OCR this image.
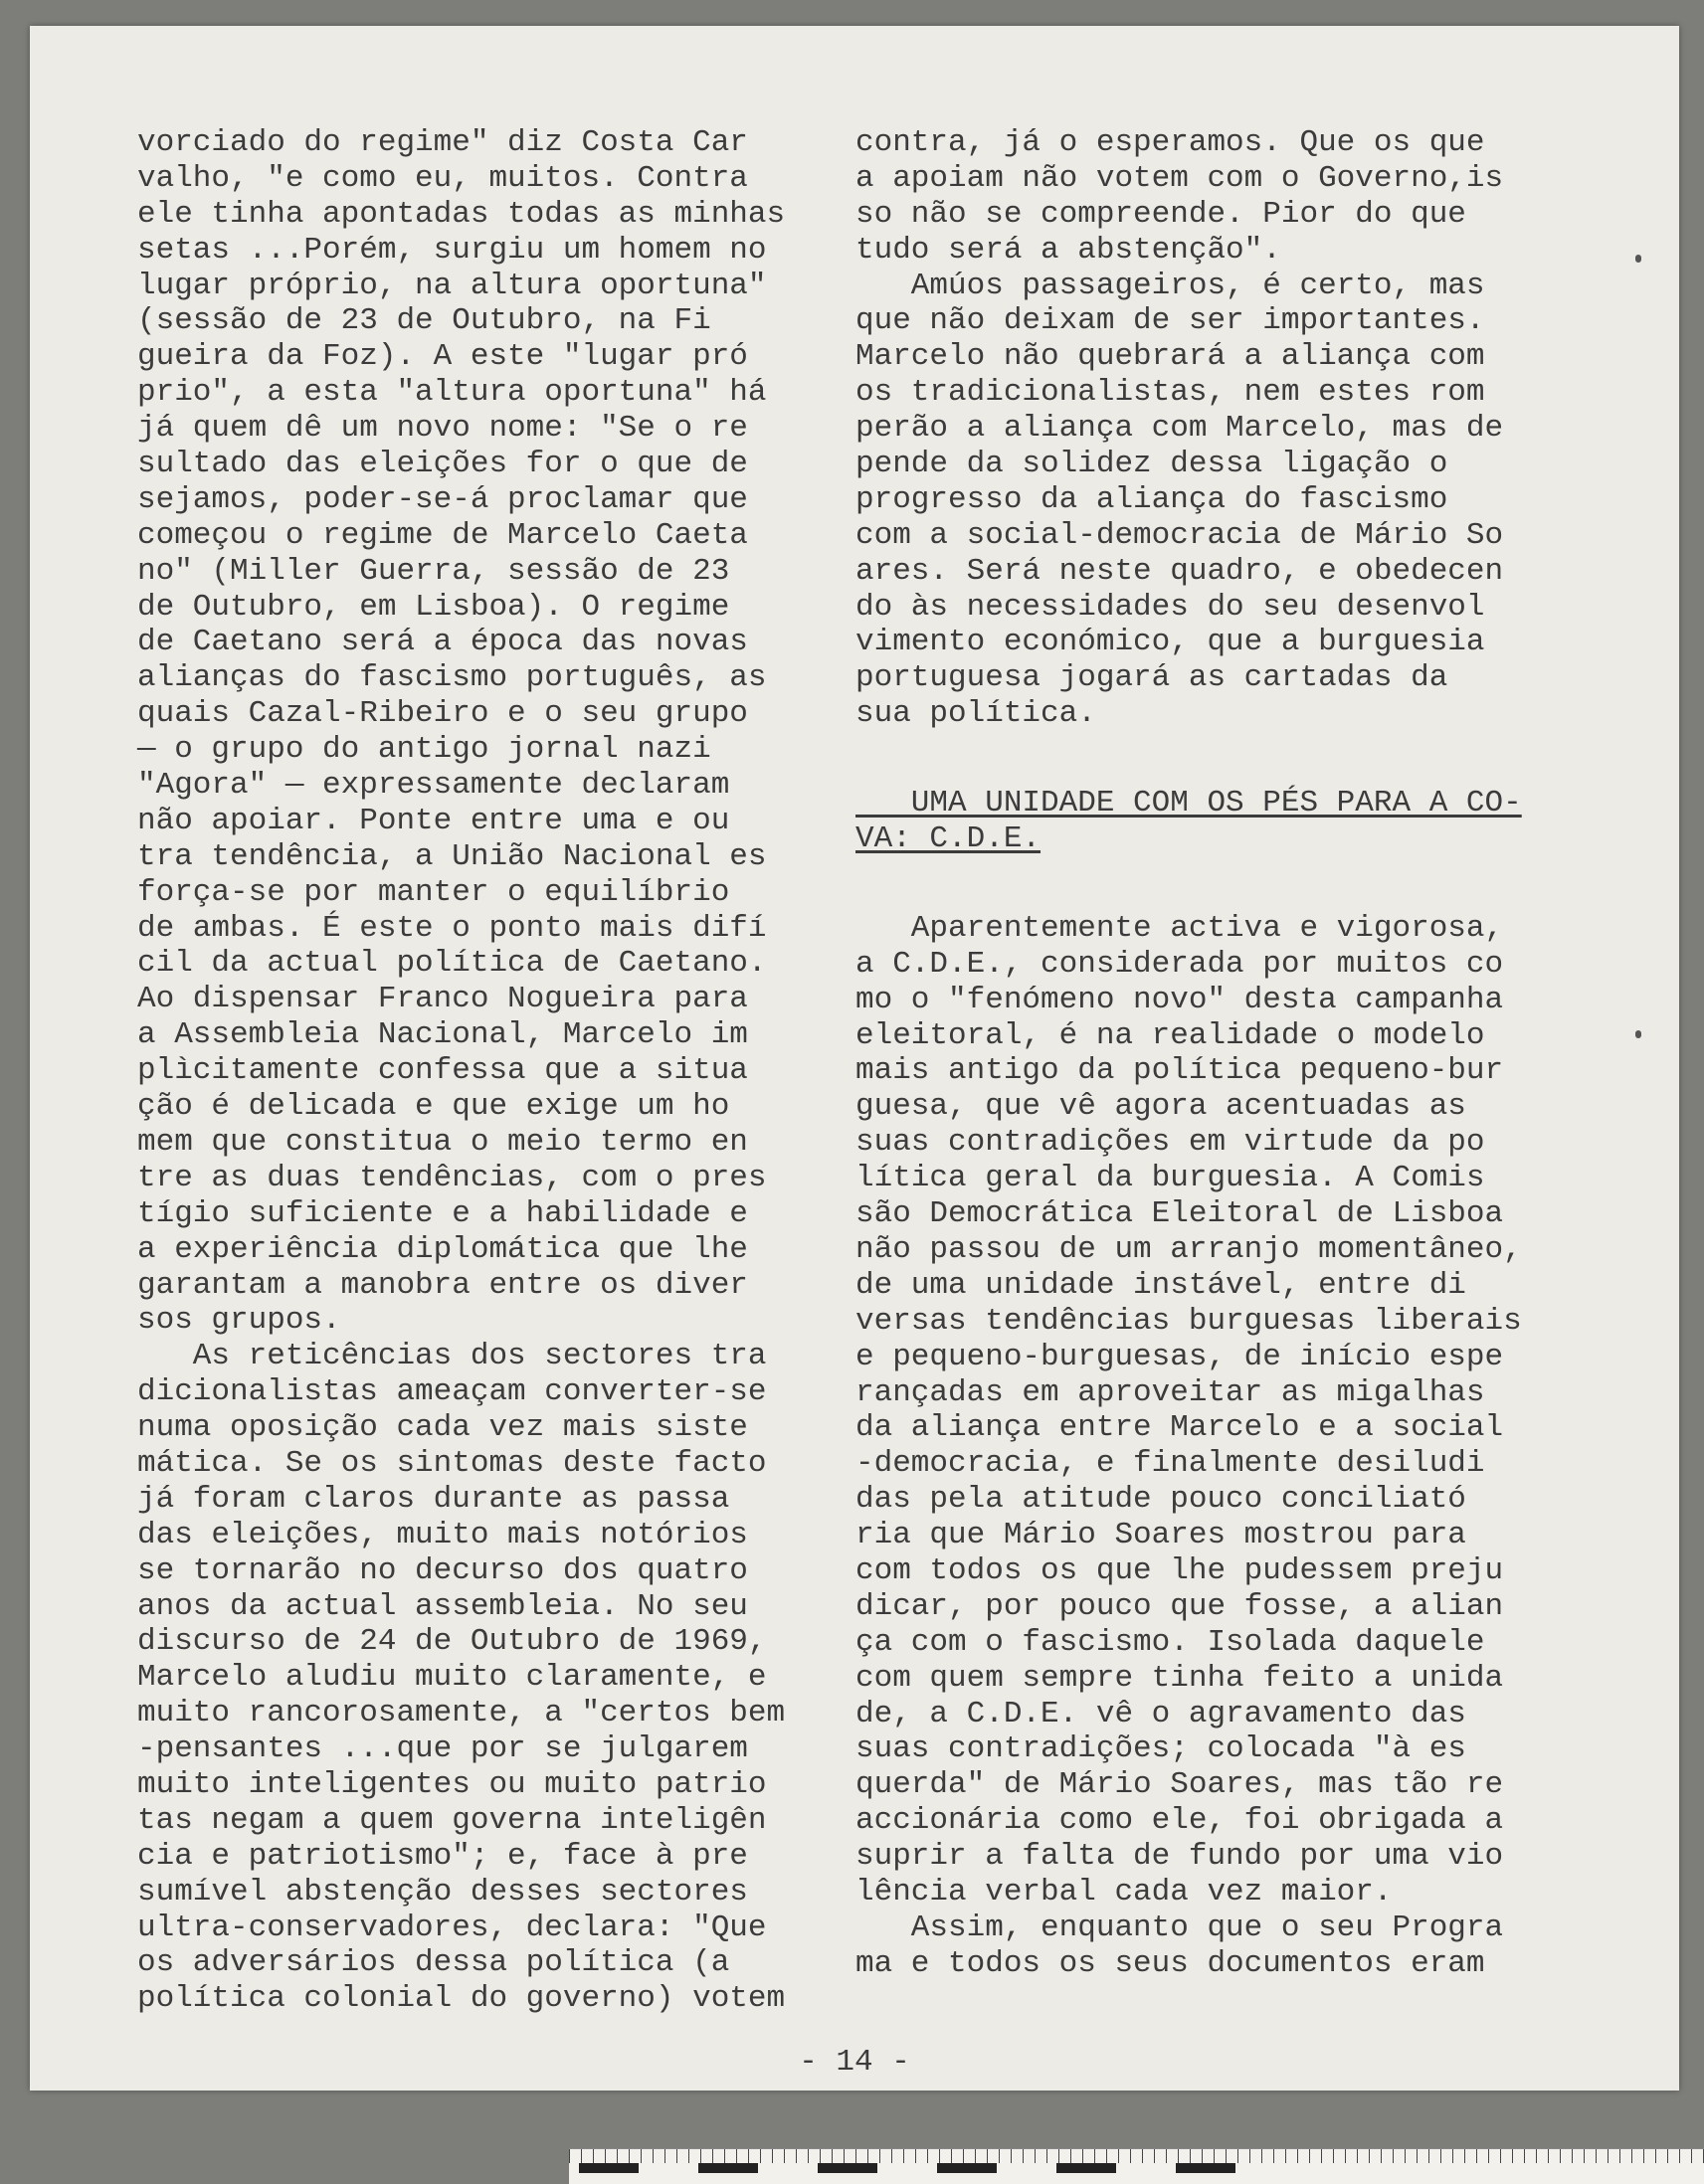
vorciado do regime" diz Costa Car
valho, "e como eu, muitos. Contra
ele tinha apontadas todas as minhas
setas ...Porém, surgiu um homem no
lugar próprio, na altura oportuna"
(sessão de 23 de Outubro, na Fi
gueira da Foz). A este "lugar pró
prio", a esta "altura oportuna" há
já quem dê um novo nome: "Se o re
sultado das eleições for o que de
sejamos, poder-se-á proclamar que
começou o regime de Marcelo Caeta
no" (Miller Guerra, sessão de 23
de Outubro, em Lisboa). O regime
de Caetano será a época das novas
alianças do fascismo português, as
quais Cazal-Ribeiro e o seu grupo
— o grupo do antigo jornal nazi
"Agora" — expressamente declaram
não apoiar. Ponte entre uma e ou
tra tendência, a União Nacional es
força-se por manter o equilíbrio
de ambas. É este o ponto mais difí
cil da actual política de Caetano.
Ao dispensar Franco Nogueira para
a Assembleia Nacional, Marcelo im
plìcitamente confessa que a situa
ção é delicada e que exige um ho
mem que constitua o meio termo en
tre as duas tendências, com o pres
tígio suficiente e a habilidade e
a experiência diplomática que lhe
garantam a manobra entre os diver
sos grupos.
As reticências dos sectores tra
dicionalistas ameaçam converter-se
numa oposição cada vez mais siste
mática. Se os sintomas deste facto
já foram claros durante as passa
das eleições, muito mais notórios
se tornarão no decurso dos quatro
anos da actual assembleia. No seu
discurso de 24 de Outubro de 1969,
Marcelo aludiu muito claramente, e
muito rancorosamente, a "certos bem
-pensantes ...que por se julgarem
muito inteligentes ou muito patrio
tas negam a quem governa inteligên
cia e patriotismo"; e, face à pre
sumível abstenção desses sectores
ultra-conservadores, declara: "Que
os adversários dessa política (a
política colonial do governo) votem
contra, já o esperamos. Que os que
a apoiam não votem com o Governo,is
so não se compreende. Pior do que
tudo será a abstenção".
Amúos passageiros, é certo, mas
que não deixam de ser importantes.
Marcelo não quebrará a aliança com
os tradicionalistas, nem estes rom
perão a aliança com Marcelo, mas de
pende da solidez dessa ligação o
progresso da aliança do fascismo
com a social-democracia de Mário So
ares. Será neste quadro, e obedecen
do às necessidades do seu desenvol
vimento económico, que a burguesia
portuguesa jogará as cartadas da
sua política.
UMA UNIDADE COM OS PÉS PARA A CO-
VA: C.D.E.
Aparentemente activa e vigorosa,
a C.D.E., considerada por muitos co
mo o "fenómeno novo" desta campanha
eleitoral, é na realidade o modelo
mais antigo da política pequeno-bur
guesa, que vê agora acentuadas as
suas contradições em virtude da po
lítica geral da burguesia. A Comis
são Democrática Eleitoral de Lisboa
não passou de um arranjo momentâneo,
de uma unidade instável, entre di
versas tendências burguesas liberais
e pequeno-burguesas, de início espe
rançadas em aproveitar as migalhas
da aliança entre Marcelo e a social
-democracia, e finalmente desiludi
das pela atitude pouco conciliató
ria que Mário Soares mostrou para
com todos os que lhe pudessem preju
dicar, por pouco que fosse, a alian
ça com o fascismo. Isolada daquele
com quem sempre tinha feito a unida
de, a C.D.E. vê o agravamento das
suas contradições; colocada "à es
querda" de Mário Soares, mas tão re
accionária como ele, foi obrigada a
suprir a falta de fundo por uma vio
lência verbal cada vez maior.
Assim, enquanto que o seu Progra
ma e todos os seus documentos eram
- 14 -
